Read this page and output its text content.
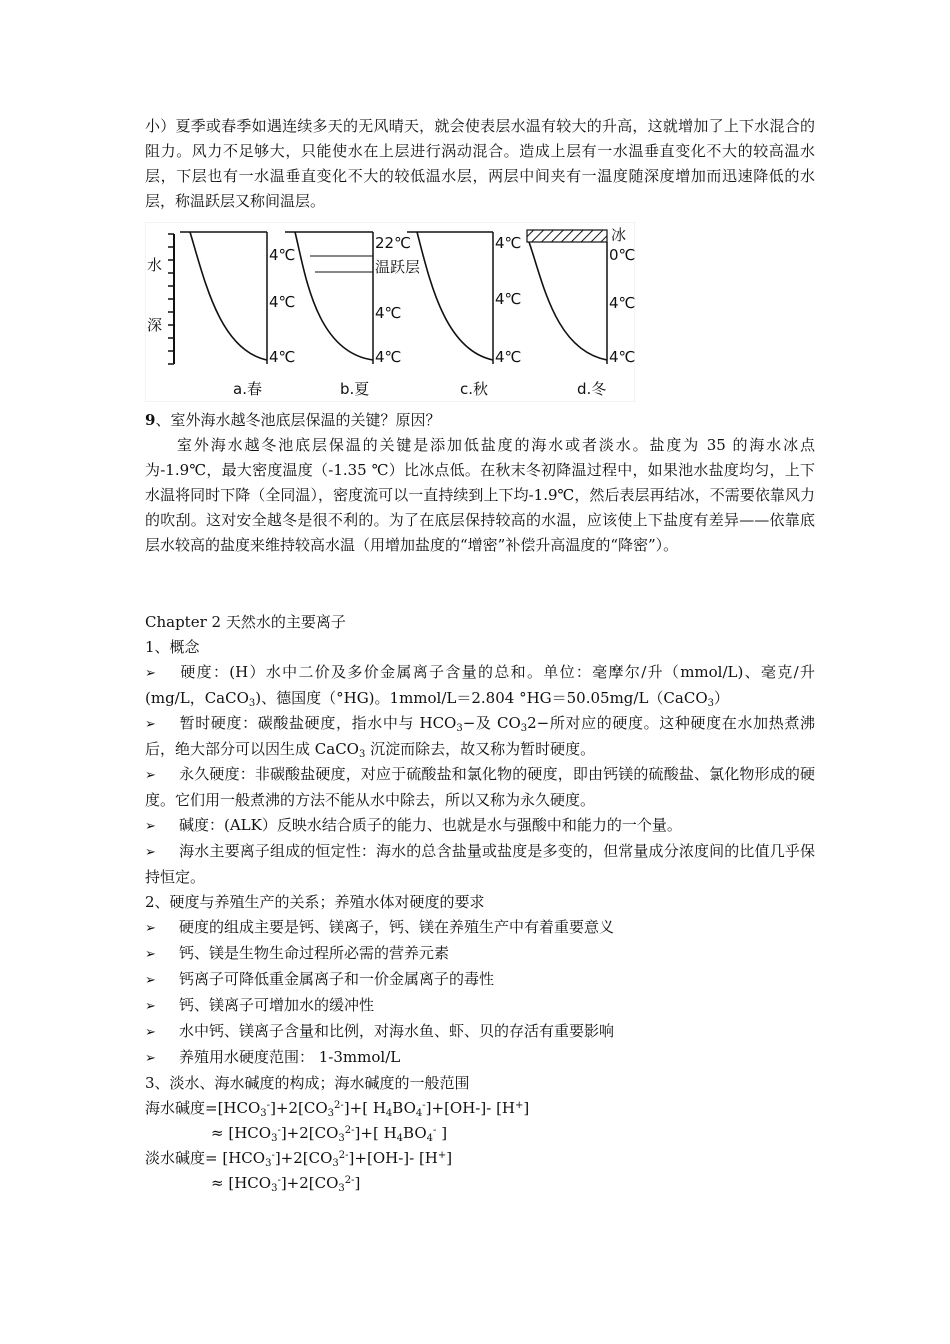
小）夏季或春季如遇连续多天的无风晴天，就会使表层水温有较大的升高，这就增加了上下水混合的阻力。风力不足够大，只能使水在上层进行涡动混合。造成上层有一水温垂直变化不大的较高温水层，下层也有一水温垂直变化不大的较低温水层，两层中间夹有一温度随深度增加而迅速降低的水层，称温跃层又称间温层。

水
深
4℃
4℃
4℃
a.春
22℃
温跃层
4℃
4℃
b.夏
4℃
4℃
4℃
c.秋
冰
0℃
4℃
4℃
d.冬

9、室外海水越冬池底层保温的关键？原因？

室外海水越冬池底层保温的关键是添加低盐度的海水或者淡水。盐度为 35 的海水冰点为-1.9℃，最大密度温度（-1.35 ℃）比冰点低。在秋末冬初降温过程中，如果池水盐度均匀，上下水温将同时下降（全同温），密度流可以一直持续到上下均-1.9℃，然后表层再结冰，不需要依靠风力的吹刮。这对安全越冬是很不利的。为了在底层保持较高的水温，应该使上下盐度有差异——依靠底层水较高的盐度来维持较高水温（用增加盐度的“增密”补偿升高温度的“降密”）。

Chapter 2 天然水的主要离子

1、概念

➢ 硬度：(H）水中二价及多价金属离子含量的总和。单位：毫摩尔/升（mmol/L)、毫克/升(mg/L，CaCO$_3$)、德国度（°HG)。1mmol/L＝2.804 °HG＝50.05mg/L（CaCO$_3$）

➢ 暂时硬度：碳酸盐硬度，指水中与 $HCO_3-$及 $CO_32-$所对应的硬度。这种硬度在水加热煮沸后，绝大部分可以因生成 CaCO$_3$ 沉淀而除去，故又称为暂时硬度。

➢ 永久硬度：非碳酸盐硬度，对应于硫酸盐和氯化物的硬度，即由钙镁的硫酸盐、氯化物形成的硬度。它们用一般煮沸的方法不能从水中除去，所以又称为永久硬度。

➢ 碱度：(ALK）反映水结合质子的能力、也就是水与强酸中和能力的一个量。

➢ 海水主要离子组成的恒定性：海水的总含盐量或盐度是多变的，但常量成分浓度间的比值几乎保持恒定。

2、硬度与养殖生产的关系；养殖水体对硬度的要求

➢ 硬度的组成主要是钙、镁离子，钙、镁在养殖生产中有着重要意义

➢ 钙、镁是生物生命过程所必需的营养元素

➢ 钙离子可降低重金属离子和一价金属离子的毒性

➢ 钙、镁离子可增加水的缓冲性

➢ 水中钙、镁离子含量和比例，对海水鱼、虾、贝的存活有重要影响

➢ 养殖用水硬度范围： 1-3mmol/L

3、淡水、海水碱度的构成；海水碱度的一般范围

海水碱度$=[HCO_3^-]+2[CO_3^{2-}]+$[ $H_4BO_4^-]+[OH-]-$ [H+]

≈ $[HCO_3^-]+2[CO_3^{2-}]+$[ $H_4BO_4^-$ ]

淡水碱度= $[HCO_3^-]+2[CO_3^{2-}]+[OH-]-$ [H+]

≈ $[HCO_3^-]+2[CO_3^{2-}]$
